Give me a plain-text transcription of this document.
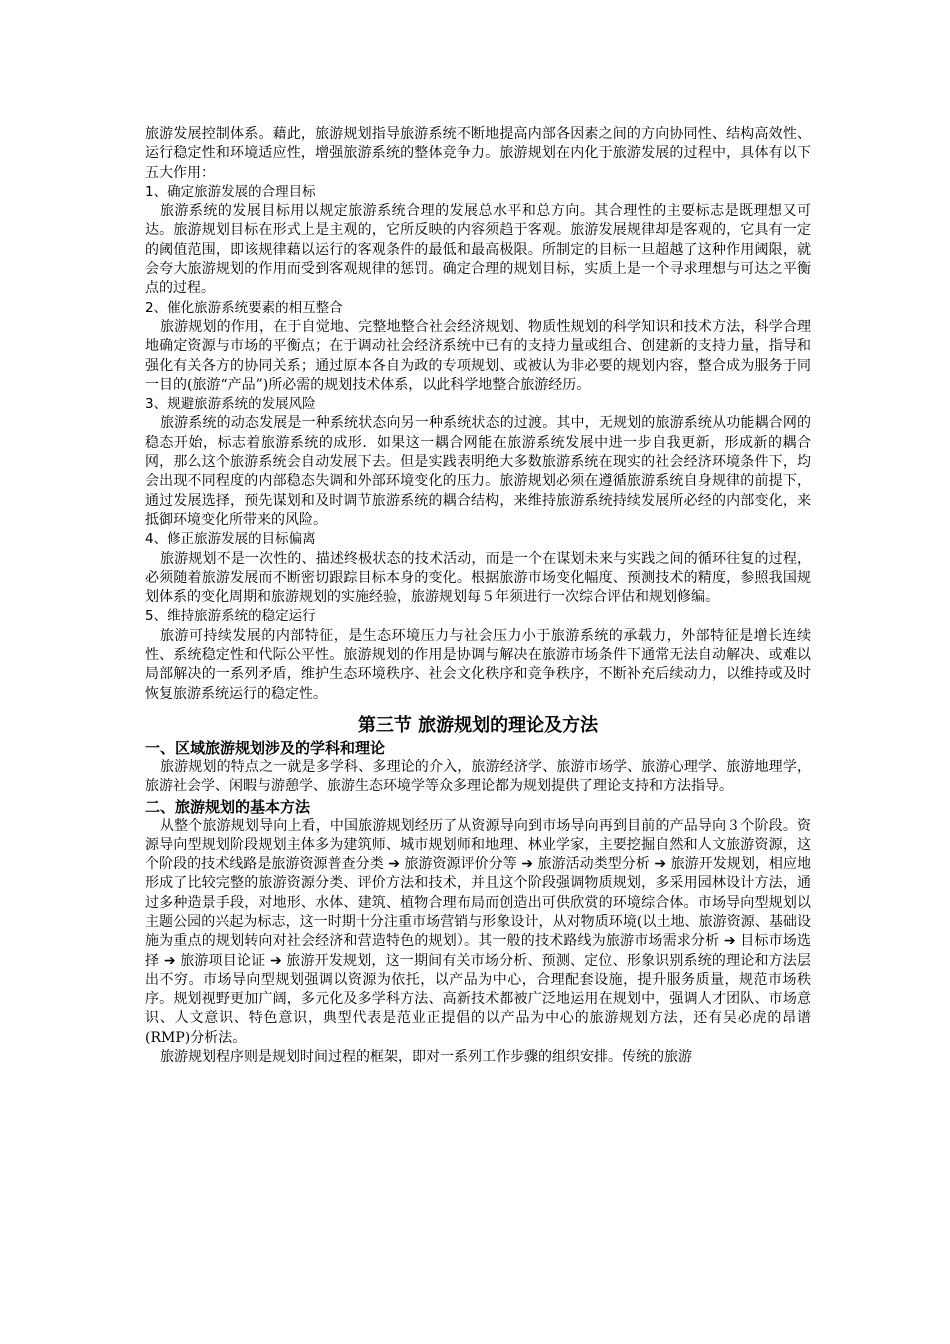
旅游发展控制体系。藉此，旅游规划指导旅游系统不断地提高内部各因素之间的方向协同性、结构高效性、运行稳定性和环境适应性，增强旅游系统的整体竞争力。旅游规划在内化于旅游发展的过程中，具体有以下五大作用：

1、确定旅游发展的合理目标

旅游系统的发展目标用以规定旅游系统合理的发展总水平和总方向。其合理性的主要标志是既理想又可达。旅游规划目标在形式上是主观的，它所反映的内容须趋于客观。旅游发展规律却是客观的，它具有一定的阈值范围，即该规律藉以运行的客观条件的最低和最高极限。所制定的目标一旦超越了这种作用阈限，就会夸大旅游规划的作用而受到客观规律的惩罚。确定合理的规划目标，实质上是一个寻求理想与可达之平衡点的过程。

2、催化旅游系统要素的相互整合

旅游规划的作用，在于自觉地、完整地整合社会经济规划、物质性规划的科学知识和技术方法，科学合理地确定资源与市场的平衡点；在于调动社会经济系统中已有的支持力量或组合、创建新的支持力量，指导和强化有关各方的协同关系；通过原本各自为政的专项规划、或被认为非必要的规划内容，整合成为服务于同一目的(旅游“产品”)所必需的规划技术体系，以此科学地整合旅游经历。

3、规避旅游系统的发展风险

旅游系统的动态发展是一种系统状态向另一种系统状态的过渡。其中，无规划的旅游系统从功能耦合网的稳态开始，标志着旅游系统的成形．如果这一耦合网能在旅游系统发展中进一步自我更新，形成新的耦合网，那么这个旅游系统会自动发展下去。但是实践表明绝大多数旅游系统在现实的社会经济环境条件下，均会出现不同程度的内部稳态失调和外部环境变化的压力。旅游规划必须在遵循旅游系统自身规律的前提下，通过发展选择，预先谋划和及时调节旅游系统的耦合结构，来维持旅游系统持续发展所必经的内部变化，来抵御环境变化所带来的风险。

4、修正旅游发展的目标偏离

旅游规划不是一次性的、描述终极状态的技术活动，而是一个在谋划未来与实践之间的循环往复的过程，必须随着旅游发展而不断密切跟踪目标本身的变化。根据旅游市场变化幅度、预测技术的精度，参照我国规划体系的变化周期和旅游规划的实施经验，旅游规划每５年须进行一次综合评估和规划修编。

5、维持旅游系统的稳定运行

旅游可持续发展的内部特征，是生态环境压力与社会压力小于旅游系统的承载力，外部特征是增长连续性、系统稳定性和代际公平性。旅游规划的作用是协调与解决在旅游市场条件下通常无法自动解决、或难以局部解决的一系列矛盾，维护生态环境秩序、社会文化秩序和竞争秩序，不断补充后续动力，以维持或及时恢复旅游系统运行的稳定性。

第三节 旅游规划的理论及方法
一、区域旅游规划涉及的学科和理论

旅游规划的特点之一就是多学科、多理论的介入，旅游经济学、旅游市场学、旅游心理学、旅游地理学，旅游社会学、闲暇与游憩学、旅游生态环境学等众多理论都为规划提供了理论支持和方法指导。

二、旅游规划的基本方法

从整个旅游规划导向上看，中国旅游规划经历了从资源导向到市场导向再到目前的产品导向３个阶段。资源导向型规划阶段规划主体多为建筑师、城市规划师和地理、林业学家，主要挖掘自然和人文旅游资源，这个阶段的技术线路是旅游资源普查分类 ➔ 旅游资源评价分等 ➔ 旅游活动类型分析 ➔ 旅游开发规划，相应地形成了比较完整的旅游资源分类、评价方法和技术，并且这个阶段强调物质规划，多采用园林设计方法，通过多种造景手段，对地形、水体、建筑、植物合理布局而创造出可供欣赏的环境综合体。市场导向型规划以主题公园的兴起为标志，这一时期十分注重市场营销与形象设计，从对物质环境(以土地、旅游资源、基础设施为重点的规划转向对社会经济和营造特色的规划）。其一般的技术路线为旅游市场需求分析 ➔ 目标市场选择 ➔ 旅游项目论证 ➔ 旅游开发规划，这一期间有关市场分析、预测、定位、形象识别系统的理论和方法层出不穷。市场导向型规划强调以资源为依托，以产品为中心，合理配套设施，提升服务质量，规范市场秩序。规划视野更加广阔，多元化及多学科方法、高新技术都被广泛地运用在规划中，强调人才团队、市场意识、人文意识、特色意识，典型代表是范业正提倡的以产品为中心的旅游规划方法，还有吴必虎的昂谱(RMP)分析法。

旅游规划程序则是规划时间过程的框架，即对一系列工作步骤的组织安排。传统的旅游
